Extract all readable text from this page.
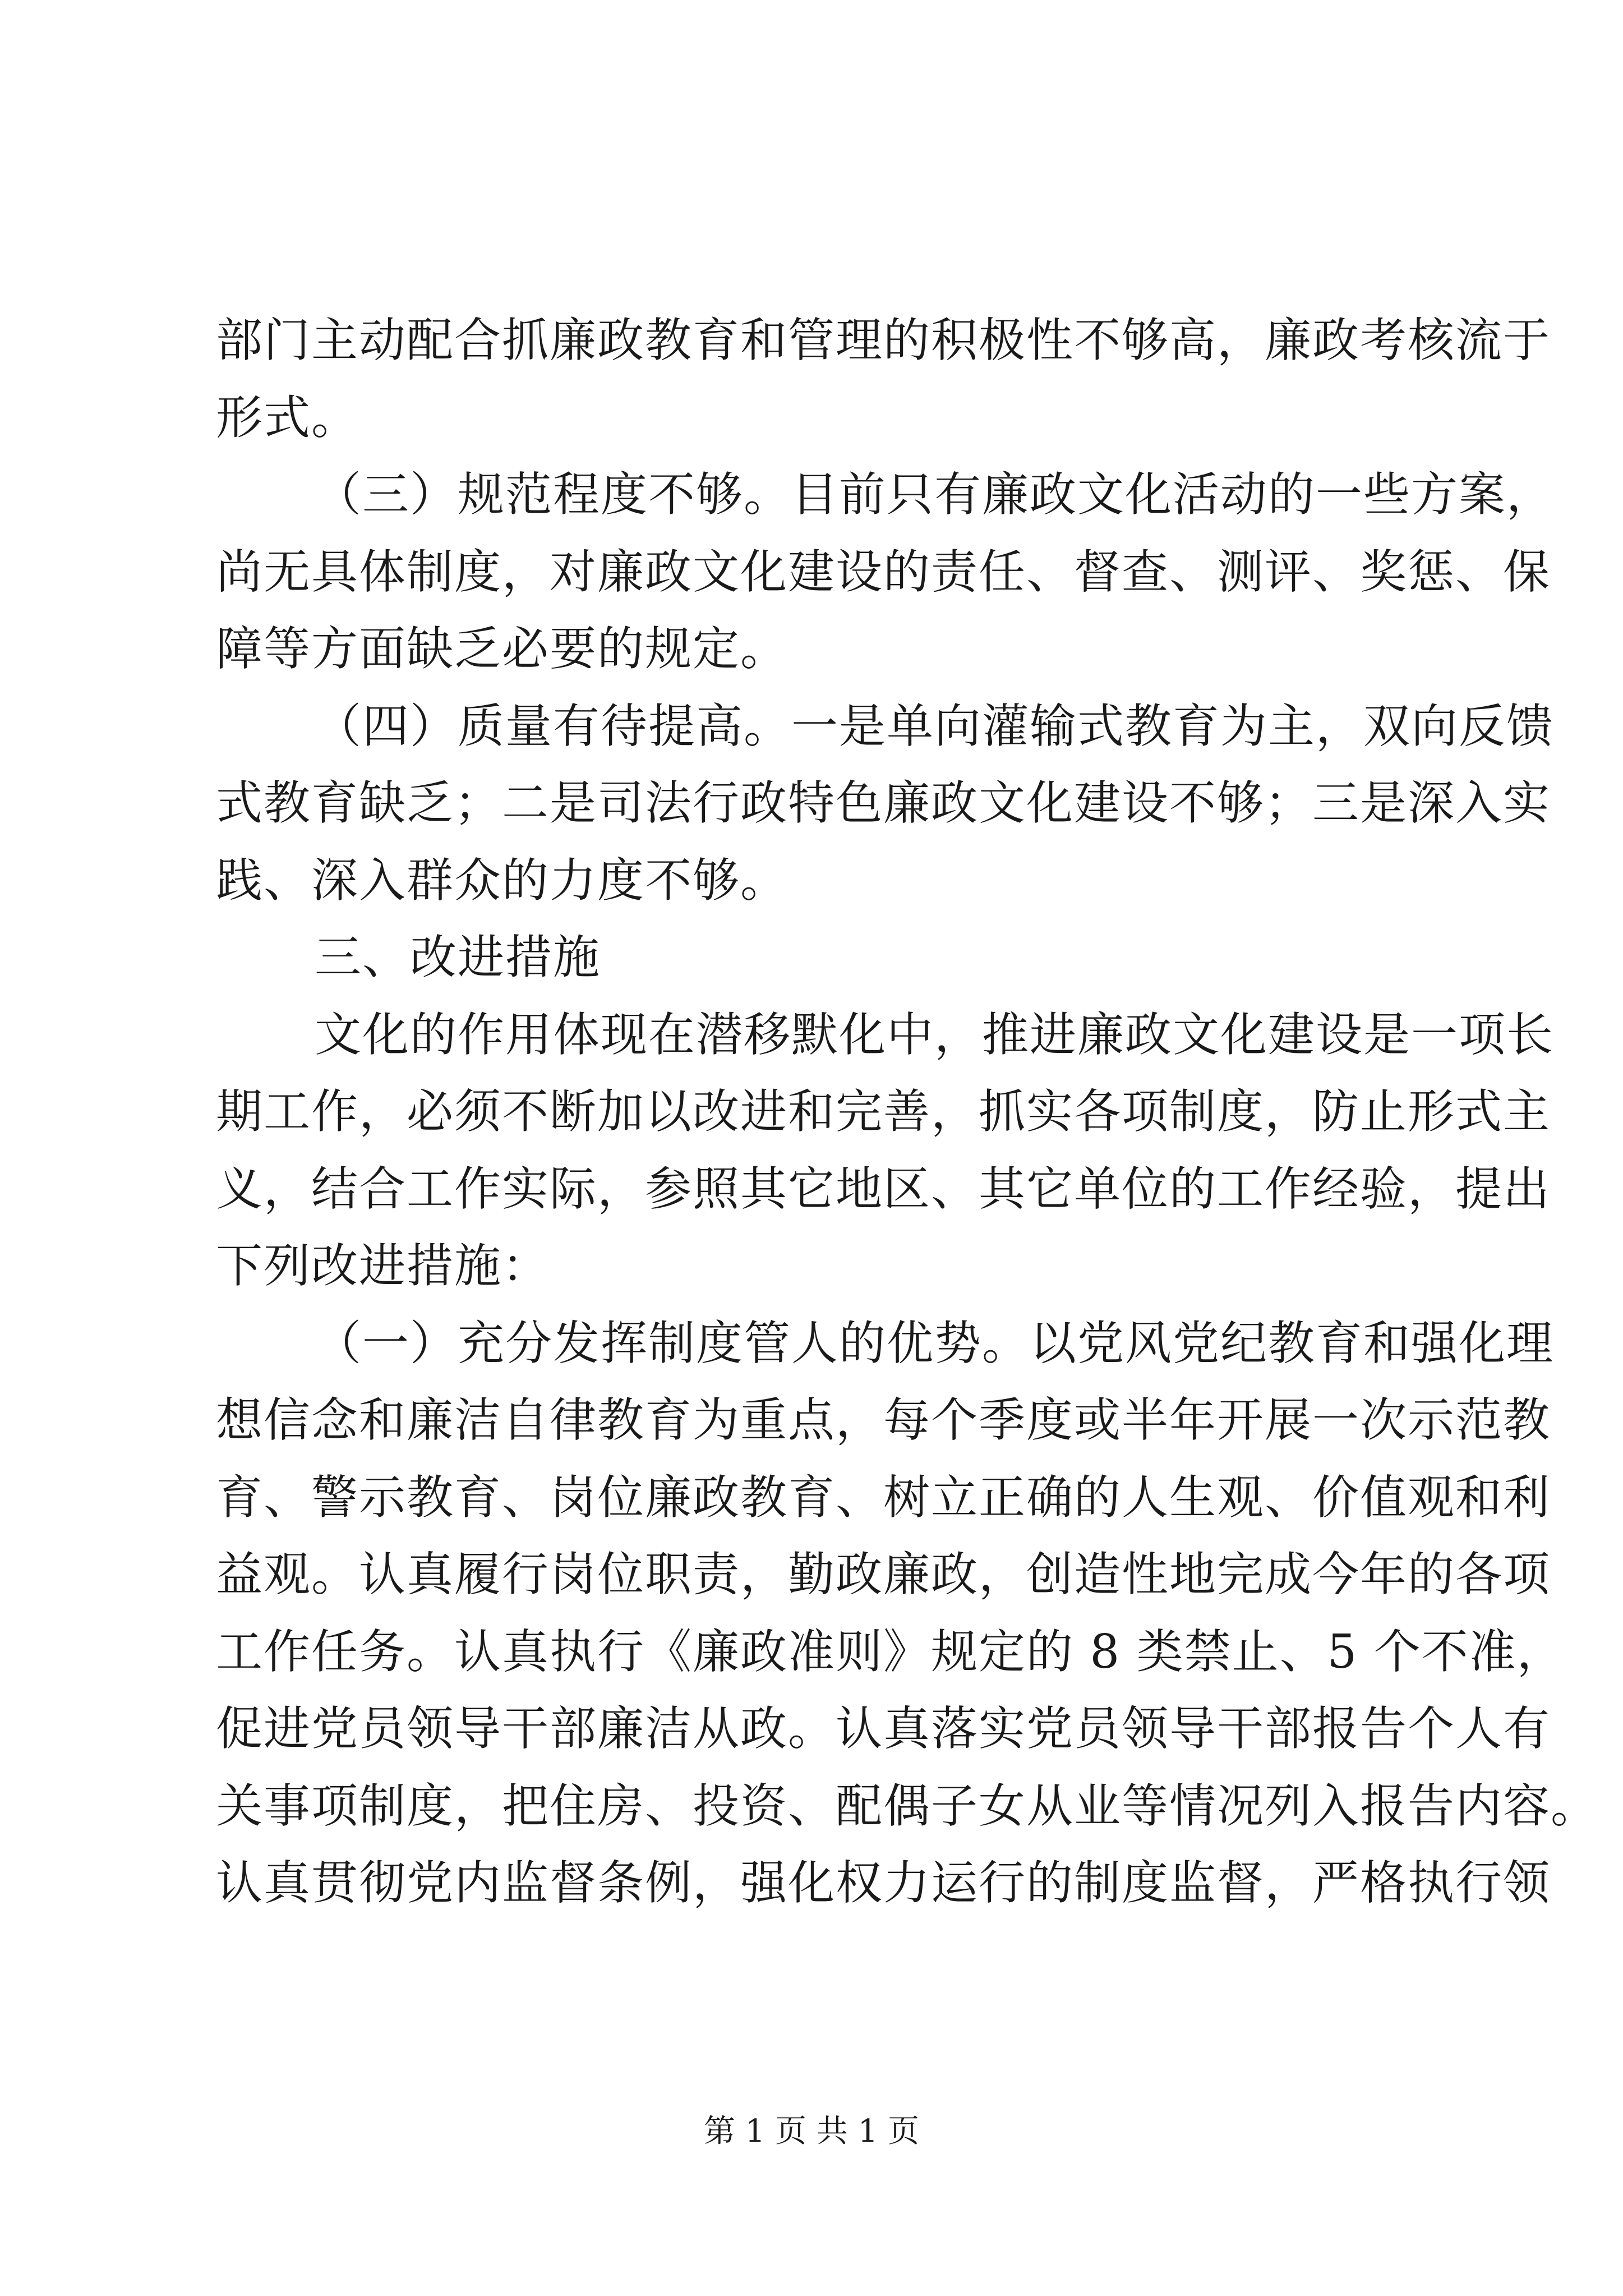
部门主动配合抓廉政教育和管理的积极性不够高，廉政考核流于
形式。
（三）规范程度不够。目前只有廉政文化活动的一些方案，
尚无具体制度，对廉政文化建设的责任、督查、测评、奖惩、保
障等方面缺乏必要的规定。
（四）质量有待提高。一是单向灌输式教育为主，双向反馈
式教育缺乏；二是司法行政特色廉政文化建设不够；三是深入实
践、深入群众的力度不够。
三、改进措施
文化的作用体现在潜移默化中，推进廉政文化建设是一项长
期工作，必须不断加以改进和完善，抓实各项制度，防止形式主
义，结合工作实际，参照其它地区、其它单位的工作经验，提出
下列改进措施：
（一）充分发挥制度管人的优势。以党风党纪教育和强化理
想信念和廉洁自律教育为重点，每个季度或半年开展一次示范教
育、警示教育、岗位廉政教育、树立正确的人生观、价值观和利
益观。认真履行岗位职责，勤政廉政，创造性地完成今年的各项
工作任务。认真执行《廉政准则》规定的 8 类禁止、5 个不准，
促进党员领导干部廉洁从政。认真落实党员领导干部报告个人有
关事项制度，把住房、投资、配偶子女从业等情况列入报告内容。
认真贯彻党内监督条例，强化权力运行的制度监督，严格执行领
第 1 页 共 1 页
